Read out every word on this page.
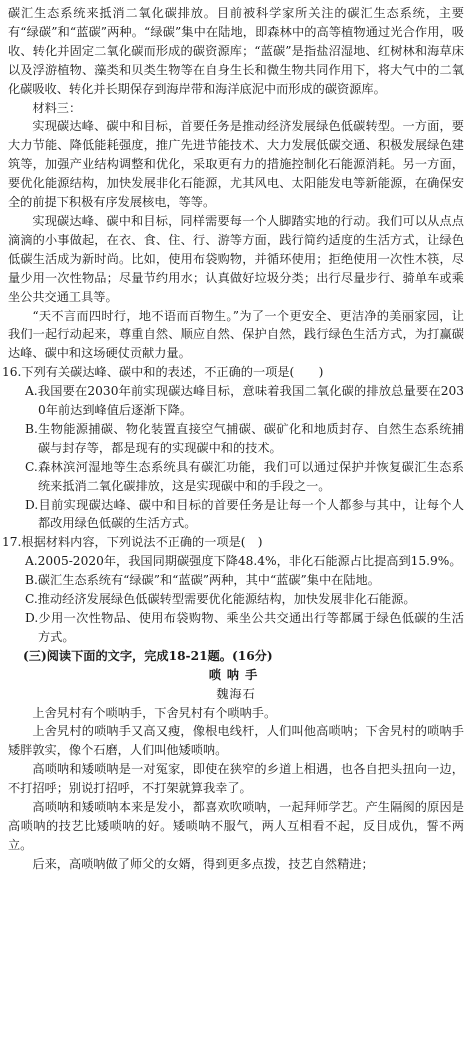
碳汇生态系统来抵消二氧化碳排放。目前被科学家所关注的碳汇生态系统，主要有“绿碳”和“蓝碳”两种。“绿碳”集中在陆地，即森林中的高等植物通过光合作用，吸收、转化并固定二氧化碳而形成的碳资源库；“蓝碳”是指盐沼湿地、红树林和海草床以及浮游植物、藻类和贝类生物等在自身生长和微生物共同作用下，将大气中的二氧化碳吸收、转化并长期保存到海岸带和海洋底泥中而形成的碳资源库。

材料三：

实现碳达峰、碳中和目标，首要任务是推动经济发展绿色低碳转型。一方面，要大力节能、降低能耗强度，推广先进节能技术、大力发展低碳交通、积极发展绿色建筑等，加强产业结构调整和优化，采取更有力的措施控制化石能源消耗。另一方面，要优化能源结构，加快发展非化石能源，尤其风电、太阳能发电等新能源，在确保安全的前提下积极有序发展核电，等等。

实现碳达峰、碳中和目标，同样需要每一个人脚踏实地的行动。我们可以从点点滴滴的小事做起，在衣、食、住、行、游等方面，践行简约适度的生活方式，让绿色低碳生活成为新时尚。比如，使用布袋购物，并循环使用；拒绝使用一次性木筷，尽量少用一次性物品；尽量节约用水；认真做好垃圾分类；出行尽量步行、骑单车或乘坐公共交通工具等。

“天不言而四时行，地不语而百物生。”为了一个更安全、更洁净的美丽家园，让我们一起行动起来，尊重自然、顺应自然、保护自然，践行绿色生活方式，为打赢碳达峰、碳中和这场硬仗贡献力量。

16.下列有关碳达峰、碳中和的表述，不正确的一项是(　　)

A.我国要在2030年前实现碳达峰目标，意味着我国二氧化碳的排放总量要在2030年前达到峰值后逐渐下降。

B.生物能源捕碳、物化装置直接空气捕碳、碳矿化和地质封存、自然生态系统捕碳与封存等，都是现有的实现碳中和的技术。

C.森林滨河湿地等生态系统具有碳汇功能，我们可以通过保护并恢复碳汇生态系统来抵消二氧化碳排放，这是实现碳中和的手段之一。

D.目前实现碳达峰、碳中和目标的首要任务是让每一个人都参与其中，让每个人都改用绿色低碳的生活方式。

17.根据材料内容，下列说法不正确的一项是(　)

A.2005-2020年，我国同期碳强度下降48.4%，非化石能源占比提高到15.9%。

B.碳汇生态系统有“绿碳”和“蓝碳”两种，其中“蓝碳”集中在陆地。

C.推动经济发展绿色低碳转型需要优化能源结构，加快发展非化石能源。

D.少用一次性物品、使用布袋购物、乘坐公共交通出行等都属于绿色低碳的生活方式。

(三)阅读下面的文字，完成18-21题。(16分)

唢呐手

魏海石

上舍旯村有个唢呐手，下舍旯村有个唢呐手。

上舍旯村的唢呐手又高又瘦，像根电线杆，人们叫他高唢呐；下舍旯村的唢呐手矮胖敦实，像个石磨，人们叫他矮唢呐。

高唢呐和矮唢呐是一对冤家，即使在狭窄的乡道上相遇，也各自把头扭向一边，不打招呼；别说打招呼，不打架就算我幸了。

高唢呐和矮唢呐本来是发小，都喜欢吹唢呐，一起拜师学艺。产生隔阂的原因是高唢呐的技艺比矮唢呐的好。矮唢呐不服气，两人互相看不起，反目成仇，誓不两立。

后来，高唢呐做了师父的女婿，得到更多点拨，技艺自然精进；
